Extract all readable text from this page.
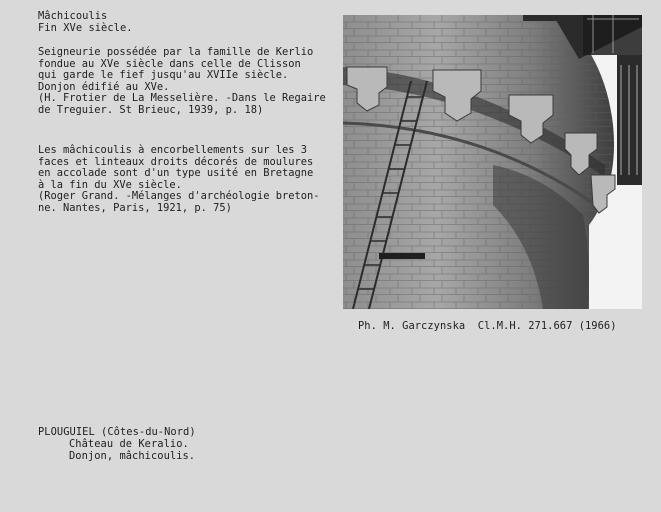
Mâchicoulis
Fin XVe siècle.
Seigneurie possédée par la famille de Kerlio
fondue au XVe siècle dans celle de Clisson
qui garde le fief jusqu'au XVIIe siècle.
Donjon édifié au XVe.
(H. Frotier de La Messelière. -Dans le Regaire
de Treguier. St Brieuc, 1939, p. 18)
Les mâchicoulis à encorbellements sur les 3
faces et linteaux droits décorés de moulures
en accolade sont d'un type usité en Bretagne
à la fin du XVe siècle.
(Roger Grand. -Mélanges d'archéologie breton-
ne. Nantes, Paris, 1921, p. 75)
Ph. M. Garczynska  Cl.M.H. 271.667 (1966)
PLOUGUIEL (Côtes-du-Nord)
Château de Keralio.
Donjon, mâchicoulis.
